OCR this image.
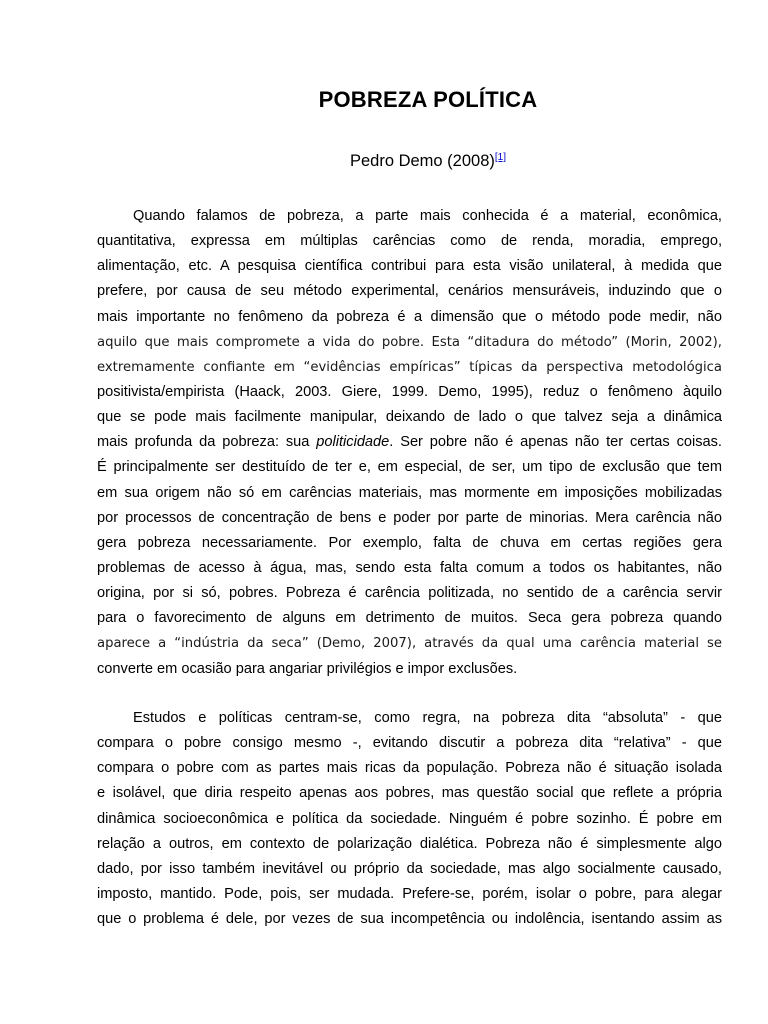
POBREZA POLÍTICA
Pedro Demo (2008)[1]
Quando falamos de pobreza, a parte mais conhecida é a material, econômica,
quantitativa, expressa em múltiplas carências como de renda, moradia, emprego,
alimentação, etc. A pesquisa científica contribui para esta visão unilateral, à medida que
prefere, por causa de seu método experimental, cenários mensuráveis, induzindo que o
mais importante no fenômeno da pobreza é a dimensão que o método pode medir, não
aquilo que mais compromete a vida do pobre. Esta “ditadura do método” (Morin, 2002),
extremamente confiante em “evidências empíricas” típicas da perspectiva metodológica
positivista/empirista (Haack, 2003. Giere, 1999. Demo, 1995), reduz o fenômeno àquilo
que se pode mais facilmente manipular, deixando de lado o que talvez seja a dinâmica
mais profunda da pobreza: sua politicidade. Ser pobre não é apenas não ter certas coisas.
É principalmente ser destituído de ter e, em especial, de ser, um tipo de exclusão que tem
em sua origem não só em carências materiais, mas mormente em imposições mobilizadas
por processos de concentração de bens e poder por parte de minorias. Mera carência não
gera pobreza necessariamente. Por exemplo, falta de chuva em certas regiões gera
problemas de acesso à água, mas, sendo esta falta comum a todos os habitantes, não
origina, por si só, pobres. Pobreza é carência politizada, no sentido de a carência servir
para o favorecimento de alguns em detrimento de muitos. Seca gera pobreza quando
aparece a “indústria da seca” (Demo, 2007), através da qual uma carência material se
converte em ocasião para angariar privilégios e impor exclusões.
Estudos e políticas centram-se, como regra, na pobreza dita “absoluta” - que
compara o pobre consigo mesmo -, evitando discutir a pobreza dita “relativa” - que
compara o pobre com as partes mais ricas da população. Pobreza não é situação isolada
e isolável, que diria respeito apenas aos pobres, mas questão social que reflete a própria
dinâmica socioeconômica e política da sociedade. Ninguém é pobre sozinho. É pobre em
relação a outros, em contexto de polarização dialética. Pobreza não é simplesmente algo
dado, por isso também inevitável ou próprio da sociedade, mas algo socialmente causado,
imposto, mantido. Pode, pois, ser mudada. Prefere-se, porém, isolar o pobre, para alegar
que o problema é dele, por vezes de sua incompetência ou indolência, isentando assim as
